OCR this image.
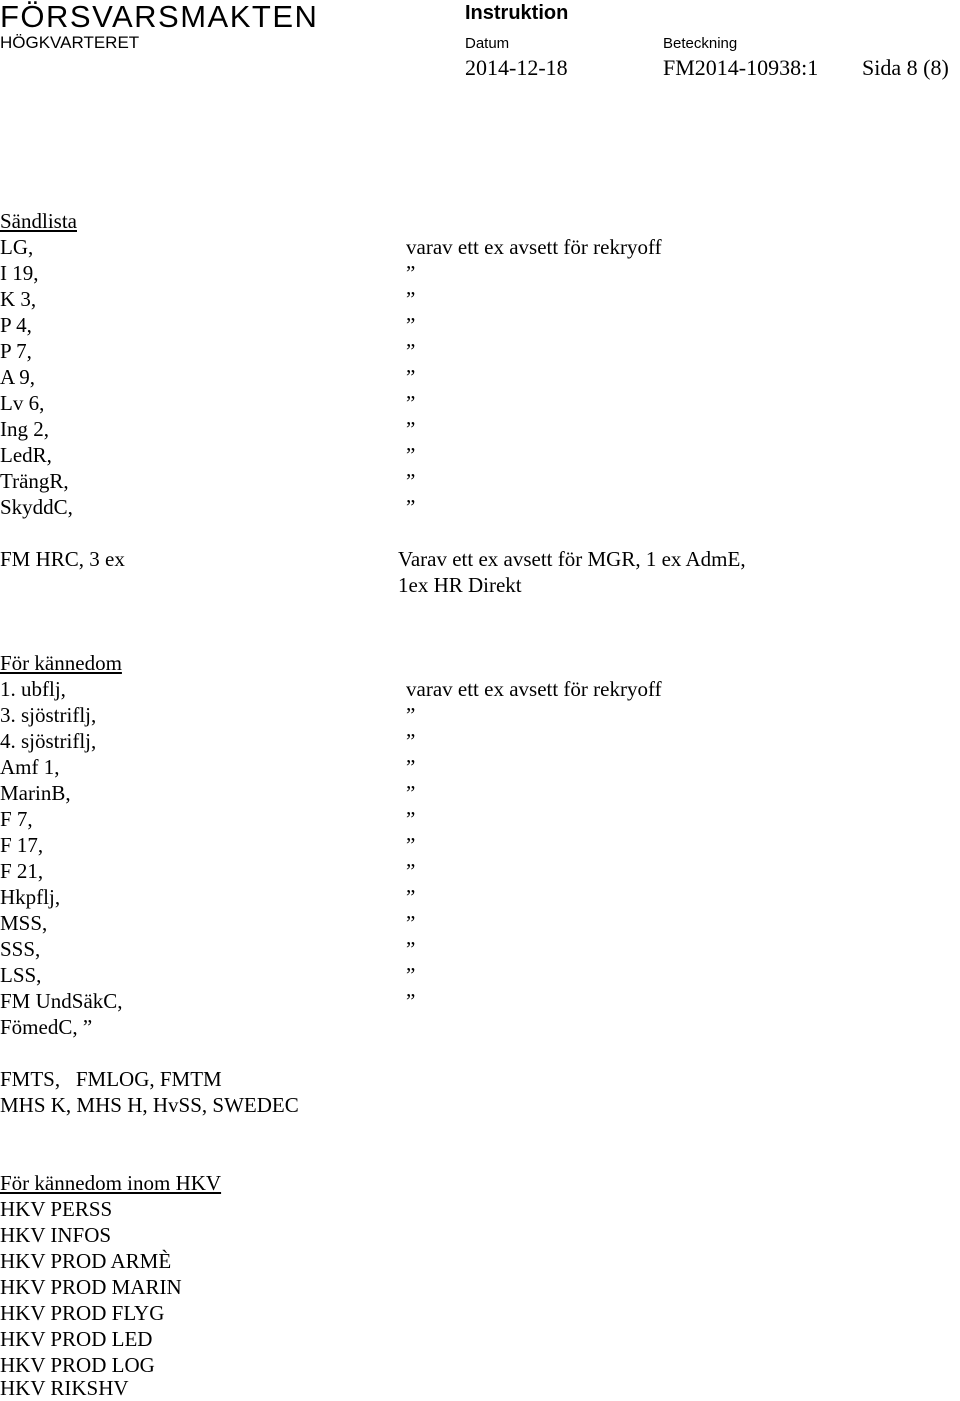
FÖRSVARSMAKTEN
HÖGKVARTERET
Instruktion
Datum	Beteckning
2014-12-18	FM2014-10938:1 Sida 8 (8)
Sändlista
LG,	varav ett ex avsett för rekryoff
I 19,	”
K 3,	”
P 4,	”
P 7,	”
A 9,	”
Lv 6,	”
Ing 2,	”
LedR,	”
TrängR,	”
SkyddC,	”
FM HRC, 3 ex	Varav ett ex avsett för MGR, 1 ex AdmE,
1ex HR Direkt
För kännedom
1. ubflj,	varav ett ex avsett för rekryoff
3. sjöstriflj,	”
4. sjöstriflj,	”
Amf 1,	”
MarinB,	”
F 7,	”
F 17,	”
F 21,	”
Hkpflj,	”
MSS,	”
SSS,	”
LSS,	”
FM UndSäkC,	”
FömedC, ”
FMTS,   FMLOG, FMTM
MHS K, MHS H, HvSS, SWEDEC
För kännedom inom HKV
HKV PERSS
HKV INFOS
HKV PROD ARMÈ
HKV PROD MARIN
HKV PROD FLYG
HKV PROD LED
HKV PROD LOG
HKV RIKSHV
